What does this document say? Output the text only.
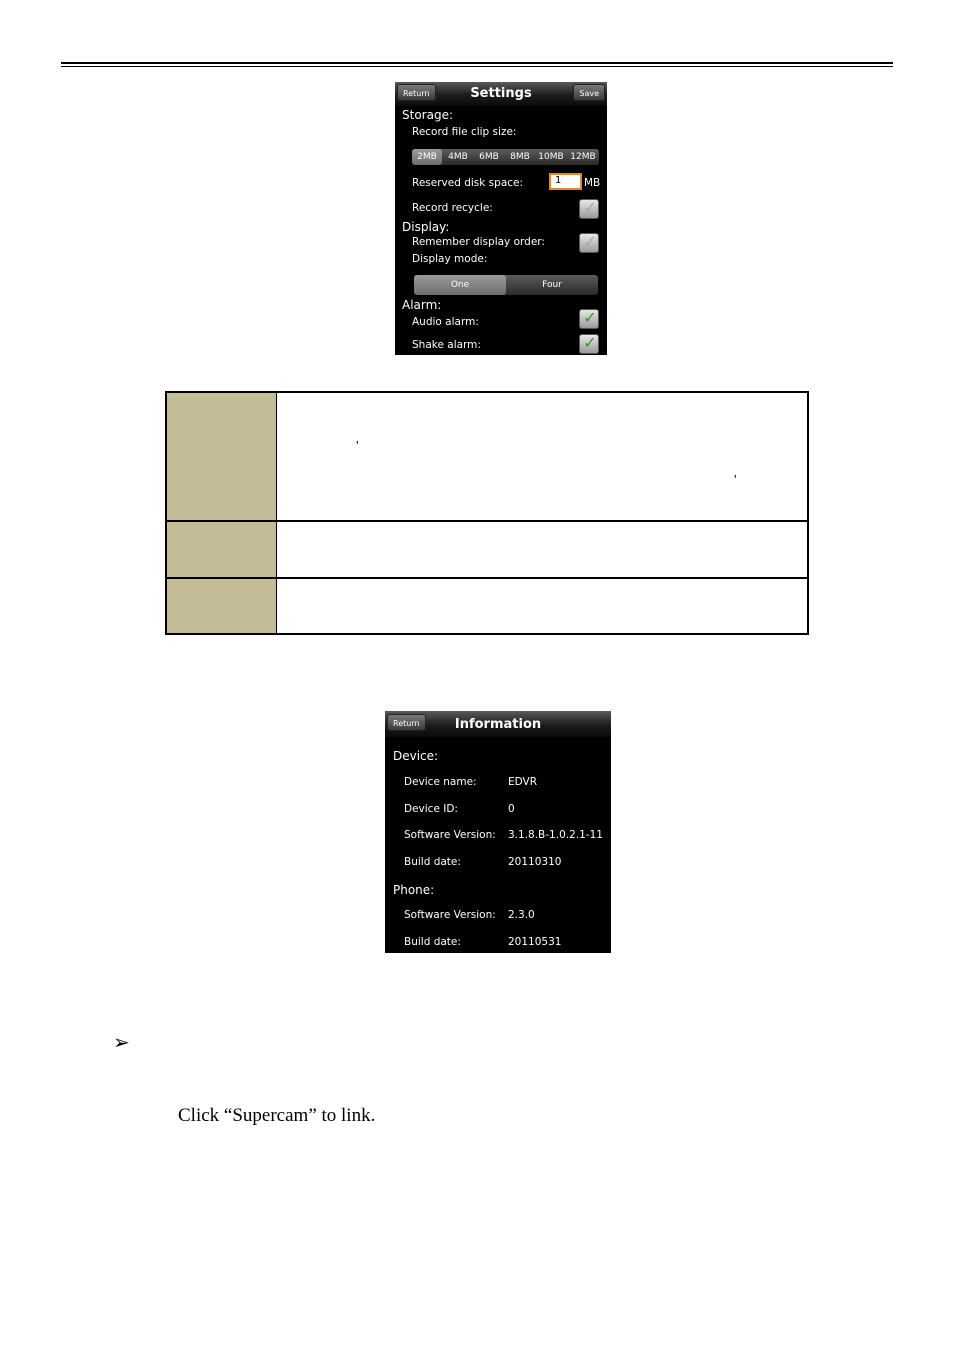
Return	Settings	Save
Storage:
Record file clip size:
2MB	4MB	6MB	8MB 10MB 12MB
Reserved disk space:	1	MB
Record recycle:	✓
Display:
Remember display order: ✓
Display mode:
One	Four
Alarm:
Audio alarm:	✓
Shake alarm:	✓
'
'
Return	Information
Device:
Device name:	EDVR
Device ID:	0
Software Version: 3.1.8.B-1.0.2.1-11
Build date:	20110310
Phone:
Software Version: 2.3.0
Build date:	20110531
➢
Click “Supercam” to link.
